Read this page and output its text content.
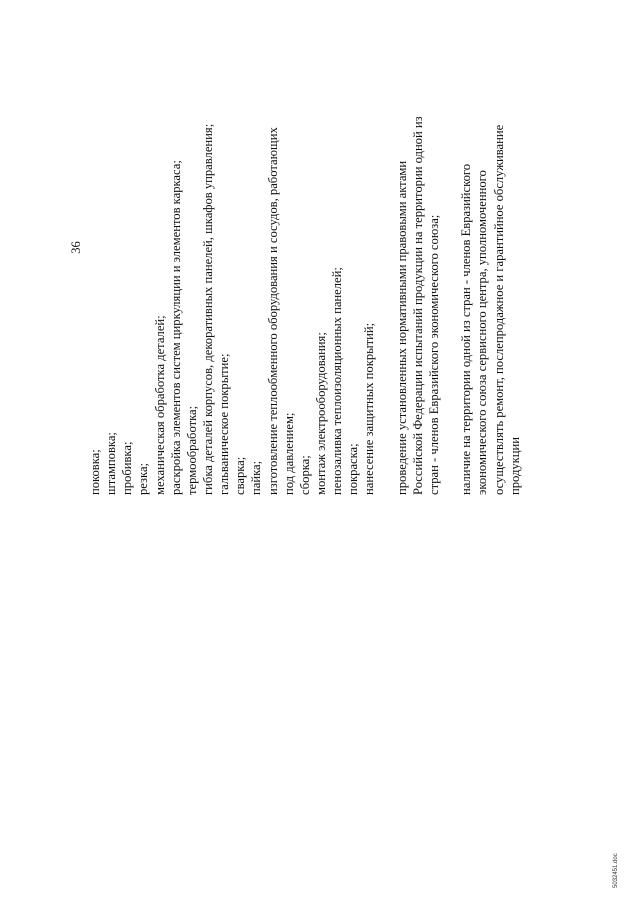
36
поковка; штамповка; пробивка; резка; механическая обработка деталей; раскройка элементов систем циркуляции и элементов каркаса; термообработка; гибка деталей корпусов, декоративных панелей, шкафов управления; гальваническое покрытие; сварка; пайка; изготовление теплообменного оборудования и сосудов, работающих под давлением; сборка; монтаж электрооборудования; пенозаливка теплоизоляционных панелей; покраска; нанесение защитных покрытий; проведение установленных нормативными правовыми актами Российской Федерации испытаний продукции на территории одной из стран - членов Евразийского экономического союза; наличие на территории одной из стран - членов Евразийского экономического союза сервисного центра, уполномоченного осуществлять ремонт, послепродажное и гарантийное обслуживание продукции
5032451.doc
